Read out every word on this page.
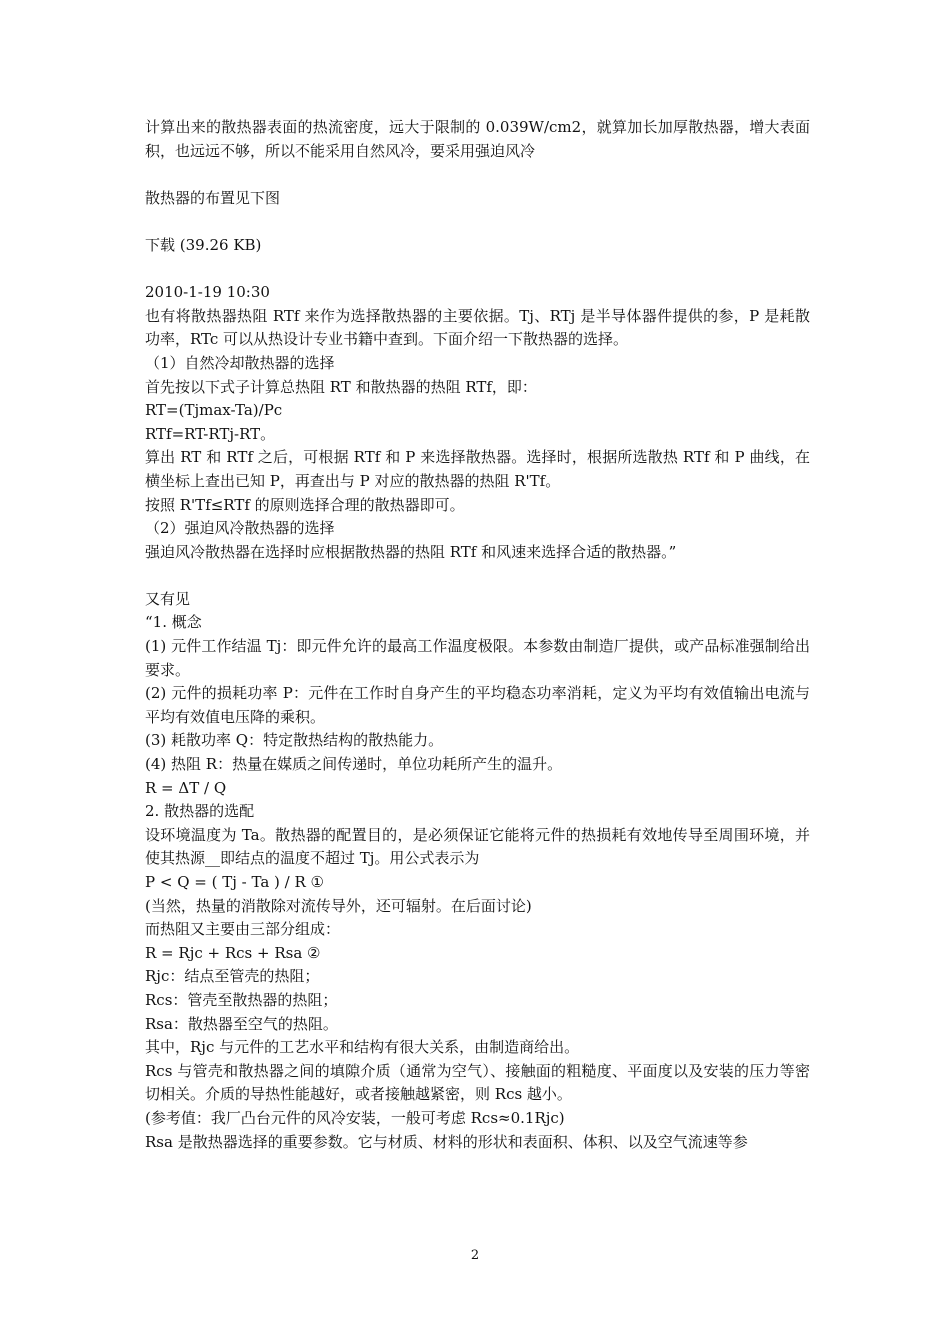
计算出来的散热器表面的热流密度，远大于限制的 0.039W/cm2，就算加长加厚散热器，增大表面积，也远远不够，所以不能采用自然风冷，要采用强迫风冷

散热器的布置见下图

下载 (39.26 KB)

2010-1-19 10:30

也有将散热器热阻 RTf 来作为选择散热器的主要依据。Tj、RTj 是半导体器件提供的参，P 是耗散功率，RTc 可以从热设计专业书籍中查到。下面介绍一下散热器的选择。

（1）自然冷却散热器的选择

首先按以下式子计算总热阻 RT 和散热器的热阻 RTf，即：

RT=(Tjmax-Ta)/Pc

RTf=RT-RTj-RT。

算出 RT 和 RTf 之后，可根据 RTf 和 P 来选择散热器。选择时，根据所选散热 RTf 和 P 曲线，在横坐标上查出已知 P，再查出与 P 对应的散热器的热阻 R'Tf。

按照 R'Tf≤RTf 的原则选择合理的散热器即可。

（2）强迫风冷散热器的选择

强迫风冷散热器在选择时应根据散热器的热阻 RTf 和风速来选择合适的散热器。”

又有见

“1. 概念

(1) 元件工作结温 Tj：即元件允许的最高工作温度极限。本参数由制造厂提供，或产品标准强制给出要求。

(2) 元件的损耗功率 P：元件在工作时自身产生的平均稳态功率消耗，定义为平均有效值输出电流与平均有效值电压降的乘积。

(3) 耗散功率 Q：特定散热结构的散热能力。

(4) 热阻 R：热量在媒质之间传递时，单位功耗所产生的温升。

R = ΔT / Q

2. 散热器的选配

设环境温度为 Ta。散热器的配置目的，是必须保证它能将元件的热损耗有效地传导至周围环境，并使其热源__即结点的温度不超过 Tj。用公式表示为

P < Q = ( Tj - Ta ) / R ①

(当然，热量的消散除对流传导外，还可辐射。在后面讨论)

而热阻又主要由三部分组成：

R = Rjc + Rcs + Rsa ②

Rjc：结点至管壳的热阻；

Rcs：管壳至散热器的热阻；

Rsa：散热器至空气的热阻。

其中，Rjc 与元件的工艺水平和结构有很大关系，由制造商给出。

Rcs 与管壳和散热器之间的填隙介质（通常为空气）、接触面的粗糙度、平面度以及安装的压力等密切相关。介质的导热性能越好，或者接触越紧密，则 Rcs 越小。

(参考值：我厂凸台元件的风冷安装，一般可考虑 Rcs≈0.1Rjc)

Rsa 是散热器选择的重要参数。它与材质、材料的形状和表面积、体积、以及空气流速等参

2
